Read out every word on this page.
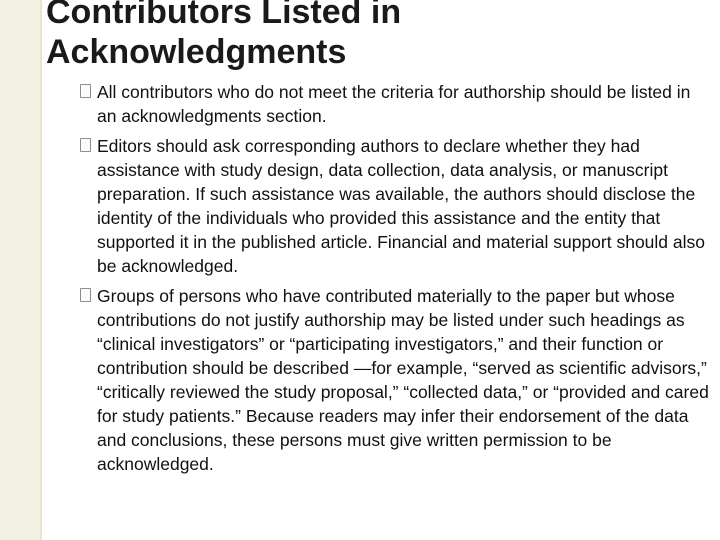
Contributors Listed in
Acknowledgments
All contributors who do not meet the criteria for authorship should be listed in an acknowledgments section.
Editors should ask corresponding authors to declare whether they had assistance with study design, data collection, data analysis, or manuscript preparation. If such assistance was available, the authors should disclose the identity of the individuals who provided this assistance and the entity that supported it in the published article. Financial and material support should also be acknowledged.
Groups of persons who have contributed materially to the paper but whose contributions do not justify authorship may be listed under such headings as “clinical investigators” or “participating investigators,” and their function or contribution should be described —for example, “served as scientific advisors,” “critically reviewed the study proposal,” “collected data,” or “provided and cared for study patients.” Because readers may infer their endorsement of the data and conclusions, these persons must give written permission to be acknowledged.
